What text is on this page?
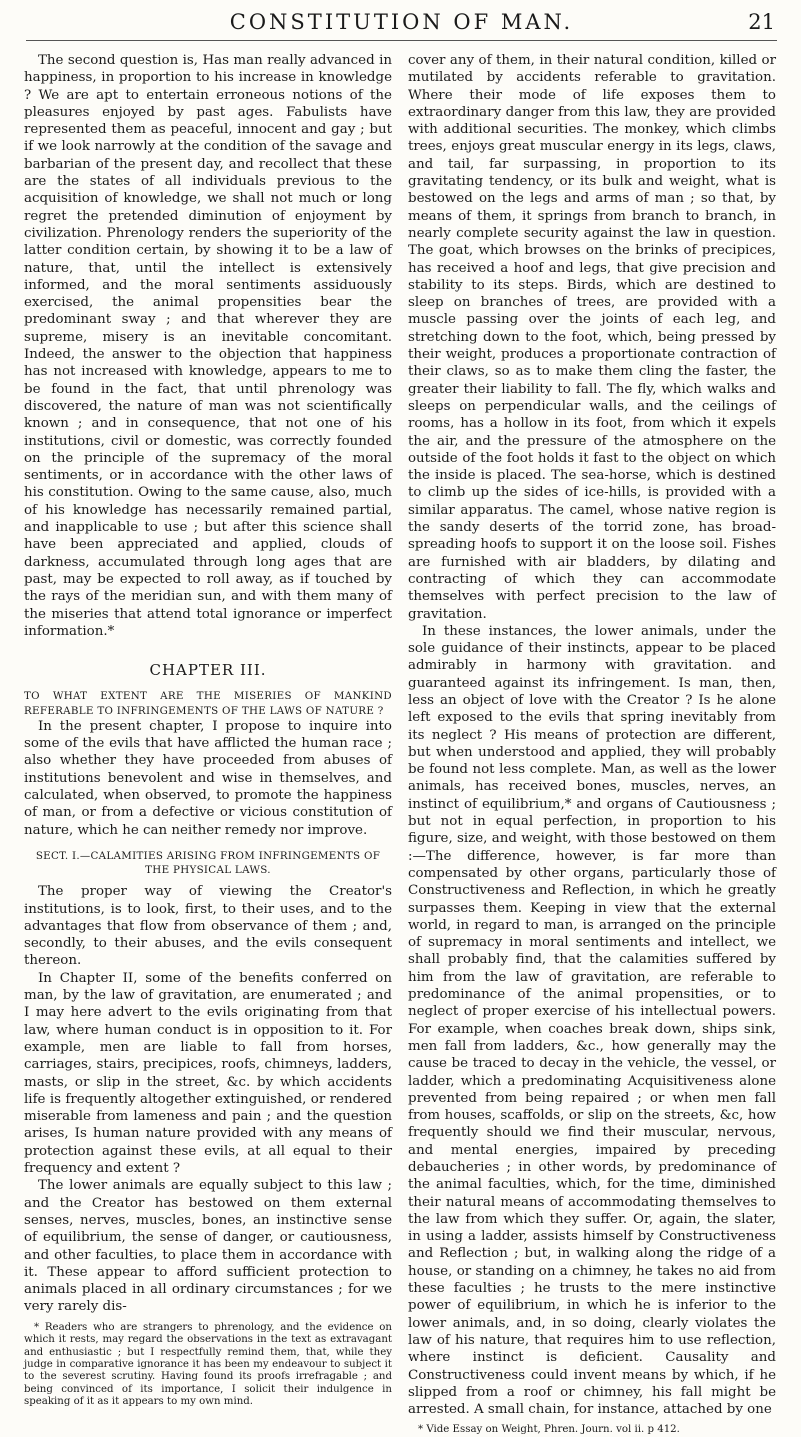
CONSTITUTION OF MAN.	21

The second question is, Has man really advanced in happiness, in proportion to his increase in knowledge ? We are apt to entertain erroneous notions of the pleasures enjoyed by past ages. Fabulists have represented them as peaceful, innocent and gay ; but if we look narrowly at the condition of the savage and barbarian of the present day, and recollect that these are the states of all individuals previous to the acquisition of knowledge, we shall not much or long regret the pretended diminution of enjoyment by civilization. Phrenology renders the superiority of the latter condition certain, by showing it to be a law of nature, that, until the intellect is extensively informed, and the moral sentiments assiduously exercised, the animal propensities bear the predominant sway ; and that wherever they are supreme, misery is an inevitable concomitant. Indeed, the answer to the objection that happiness has not increased with knowledge, appears to me to be found in the fact, that until phrenology was discovered, the nature of man was not scientifically known ; and in consequence, that not one of his institutions, civil or domestic, was correctly founded on the principle of the supremacy of the moral sentiments, or in accordance with the other laws of his constitution. Owing to the same cause, also, much of his knowledge has necessarily remained partial, and inapplicable to use ; but after this science shall have been appreciated and applied, clouds of darkness, accumulated through long ages that are past, may be expected to roll away, as if touched by the rays of the meridian sun, and with them many of the miseries that attend total ignorance or imperfect information.*

CHAPTER III.
TO WHAT EXTENT ARE THE MISERIES OF MANKIND REFERABLE TO INFRINGEMENTS OF THE LAWS OF NATURE ?

In the present chapter, I propose to inquire into some of the evils that have afflicted the human race ; also whether they have proceeded from abuses of institutions benevolent and wise in themselves, and calculated, when observed, to promote the happiness of man, or from a defective or vicious constitution of nature, which he can neither remedy nor improve.

SECT. I.—CALAMITIES ARISING FROM INFRINGEMENTS OF THE PHYSICAL LAWS.

The proper way of viewing the Creator's institutions, is to look, first, to their uses, and to the advantages that flow from observance of them ; and, secondly, to their abuses, and the evils consequent thereon.

In Chapter II, some of the benefits conferred on man, by the law of gravitation, are enumerated ; and I may here advert to the evils originating from that law, where human conduct is in opposition to it. For example, men are liable to fall from horses, carriages, stairs, precipices, roofs, chimneys, ladders, masts, or slip in the street, &c. by which accidents life is frequently altogether extinguished, or rendered miserable from lameness and pain ; and the question arises, Is human nature provided with any means of protection against these evils, at all equal to their frequency and extent ?

The lower animals are equally subject to this law ; and the Creator has bestowed on them external senses, nerves, muscles, bones, an instinctive sense of equilibrium, the sense of danger, or cautiousness, and other faculties, to place them in accordance with it. These appear to afford sufficient protection to animals placed in all ordinary circumstances ; for we very rarely dis-

* Readers who are strangers to phrenology, and the evidence on which it rests, may regard the observations in the text as extravagant and enthusiastic ; but I respectfully remind them, that, while they judge in comparative ignorance it has been my endeavour to subject it to the severest scrutiny. Having found its proofs irrefragable ; and being convinced of its importance, I solicit their indulgence in speaking of it as it appears to my own mind.

cover any of them, in their natural condition, killed or mutilated by accidents referable to gravitation. Where their mode of life exposes them to extraordinary danger from this law, they are provided with additional securities. The monkey, which climbs trees, enjoys great muscular energy in its legs, claws, and tail, far surpassing, in proportion to its gravitating tendency, or its bulk and weight, what is bestowed on the legs and arms of man ; so that, by means of them, it springs from branch to branch, in nearly complete security against the law in question. The goat, which browses on the brinks of precipices, has received a hoof and legs, that give precision and stability to its steps. Birds, which are destined to sleep on branches of trees, are provided with a muscle passing over the joints of each leg, and stretching down to the foot, which, being pressed by their weight, produces a proportionate contraction of their claws, so as to make them cling the faster, the greater their liability to fall. The fly, which walks and sleeps on perpendicular walls, and the ceilings of rooms, has a hollow in its foot, from which it expels the air, and the pressure of the atmosphere on the outside of the foot holds it fast to the object on which the inside is placed. The sea-horse, which is destined to climb up the sides of ice-hills, is provided with a similar apparatus. The camel, whose native region is the sandy deserts of the torrid zone, has broad-spreading hoofs to support it on the loose soil. Fishes are furnished with air bladders, by dilating and contracting of which they can accommodate themselves with perfect precision to the law of gravitation.

In these instances, the lower animals, under the sole guidance of their instincts, appear to be placed admirably in harmony with gravitation. and guaranteed against its infringement. Is man, then, less an object of love with the Creator ? Is he alone left exposed to the evils that spring inevitably from its neglect ? His means of protection are different, but when understood and applied, they will probably be found not less complete. Man, as well as the lower animals, has received bones, muscles, nerves, an instinct of equilibrium,* and organs of Cautiousness ; but not in equal perfection, in proportion to his figure, size, and weight, with those bestowed on them :—The difference, however, is far more than compensated by other organs, particularly those of Constructiveness and Reflection, in which he greatly surpasses them. Keeping in view that the external world, in regard to man, is arranged on the principle of supremacy in moral sentiments and intellect, we shall probably find, that the calamities suffered by him from the law of gravitation, are referable to predominance of the animal propensities, or to neglect of proper exercise of his intellectual powers. For example, when coaches break down, ships sink, men fall from ladders, &c., how generally may the cause be traced to decay in the vehicle, the vessel, or ladder, which a predominating Acquisitiveness alone prevented from being repaired ; or when men fall from houses, scaffolds, or slip on the streets, &c, how frequently should we find their muscular, nervous, and mental energies, impaired by preceding debaucheries ; in other words, by predominance of the animal faculties, which, for the time, diminished their natural means of accommodating themselves to the law from which they suffer. Or, again, the slater, in using a ladder, assists himself by Constructiveness and Reflection ; but, in walking along the ridge of a house, or standing on a chimney, he takes no aid from these faculties ; he trusts to the mere instinctive power of equilibrium, in which he is inferior to the lower animals, and, in so doing, clearly violates the law of his nature, that requires him to use reflection, where instinct is deficient. Causality and Constructiveness could invent means by which, if he slipped from a roof or chimney, his fall might be arrested. A small chain, for instance, attached by one

* Vide Essay on Weight, Phren. Journ. vol ii. p 412.
